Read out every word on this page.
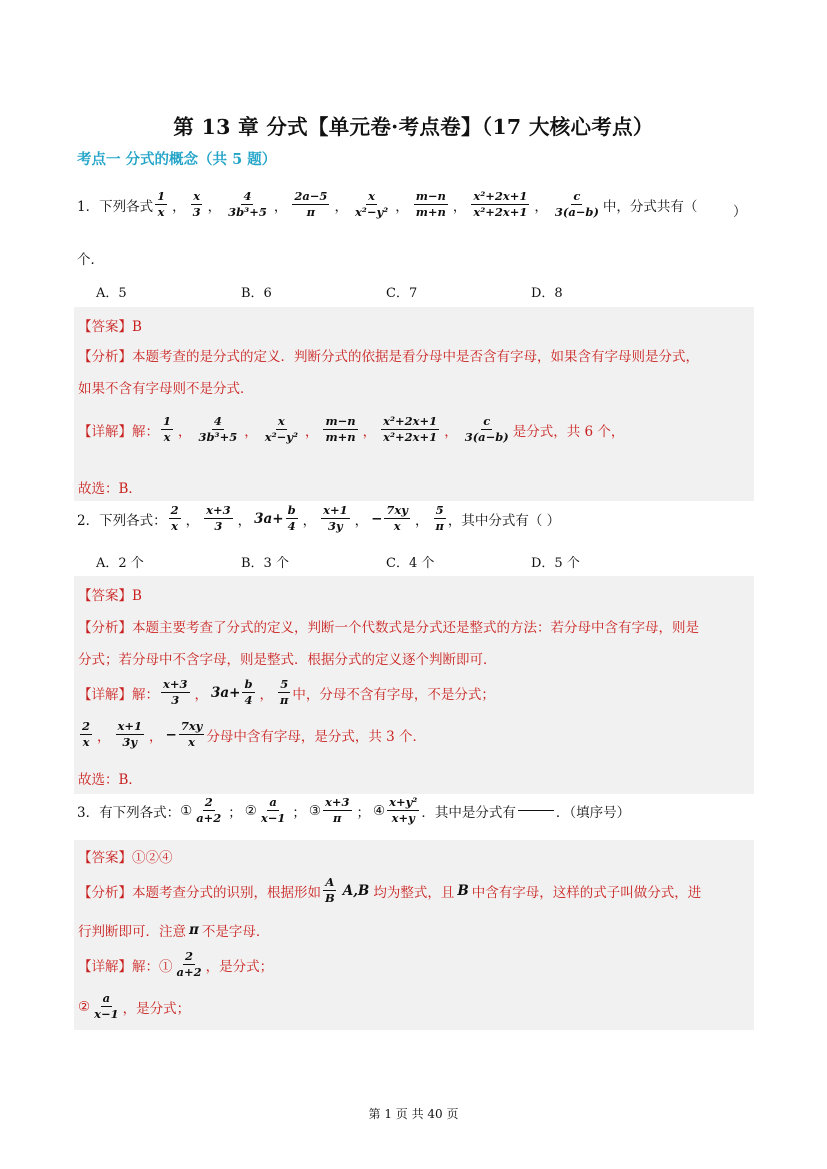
第 13 章 分式【单元卷·考点卷】（17 大核心考点）
考点一 分式的概念（共 5 题）
1．下列各式 $\frac{1}{x}$ ， $\frac{x}{3}$ ， $\frac{4}{\text{3b³+5}}$ ， $\frac{2a-5}{\pi}$ ， $\frac{x}{\text{x²−y²}}$ ， $\frac{m-n}{m+n}$ ， $\frac{\text{x²+2x+1}}{\text{x²+2x+1}}$ ， $\frac{c}{3(a-b)}$ 中，分式共有（	）
个．
A．5	B．6	C．7	D．8
【答案】B
【分析】本题考查的是分式的定义．判断分式的依据是看分母中是否含有字母，如果含有字母则是分式，
如果不含有字母则不是分式．
【详解】解： $\frac{1}{x}$ ， $\frac{4}{\text{3b³+5}}$ ， $\frac{x}{\text{x²−y²}}$ ， $\frac{m-n}{m+n}$ ， $\frac{\text{x²+2x+1}}{\text{x²+2x+1}}$ ， $\frac{c}{3(a-b)}$ 是分式，共 6 个，
故选：B．
2．下列各式： $\frac{2}{x}$ ， $\frac{x+3}{3}$ ， $3a+ \frac{b}{4}$ ， $\frac{x+1}{3y}$ ， − $\frac{7xy}{x}$ ， $\frac{5}{\pi}$ ，其中分式有（ ）
A．2 个	B．3 个	C．4 个	D．5 个
【答案】B
【分析】本题主要考查了分式的定义，判断一个代数式是分式还是整式的方法：若分母中含有字母，则是
分式；若分母中不含字母，则是整式．根据分式的定义逐个判断即可．
【详解】解： $\frac{x+3}{3}$ ， $3a+ \frac{b}{4}$ ， $\frac{5}{\pi}$ 中，分母不含有字母，不是分式；
$\frac{2}{x}$ ， $\frac{x+1}{3y}$ ， − $\frac{7xy}{x}$ 分母中含有字母，是分式，共 3 个．
故选：B．
3．有下列各式： ① $\frac{2}{a+2}$ ； ② $\frac{a}{x-1}$ ； ③ $\frac{x+3}{\pi}$ ； ④ $\frac{\text{x+y²}}{x+y}$ ．其中是分式有	．（填序号）
【答案】①②④
【分析】本题考查分式的识别，根据形如 $\frac{A}{B} A,B$ 均为整式，且 B 中含有字母，这样的式子叫做分式，进
行判断即可．注意 π 不是字母．
【详解】解：① $\frac{2}{a+2}$ ，是分式；
② $\frac{a}{x-1}$ ，是分式；
第 1 页 共 40 页
